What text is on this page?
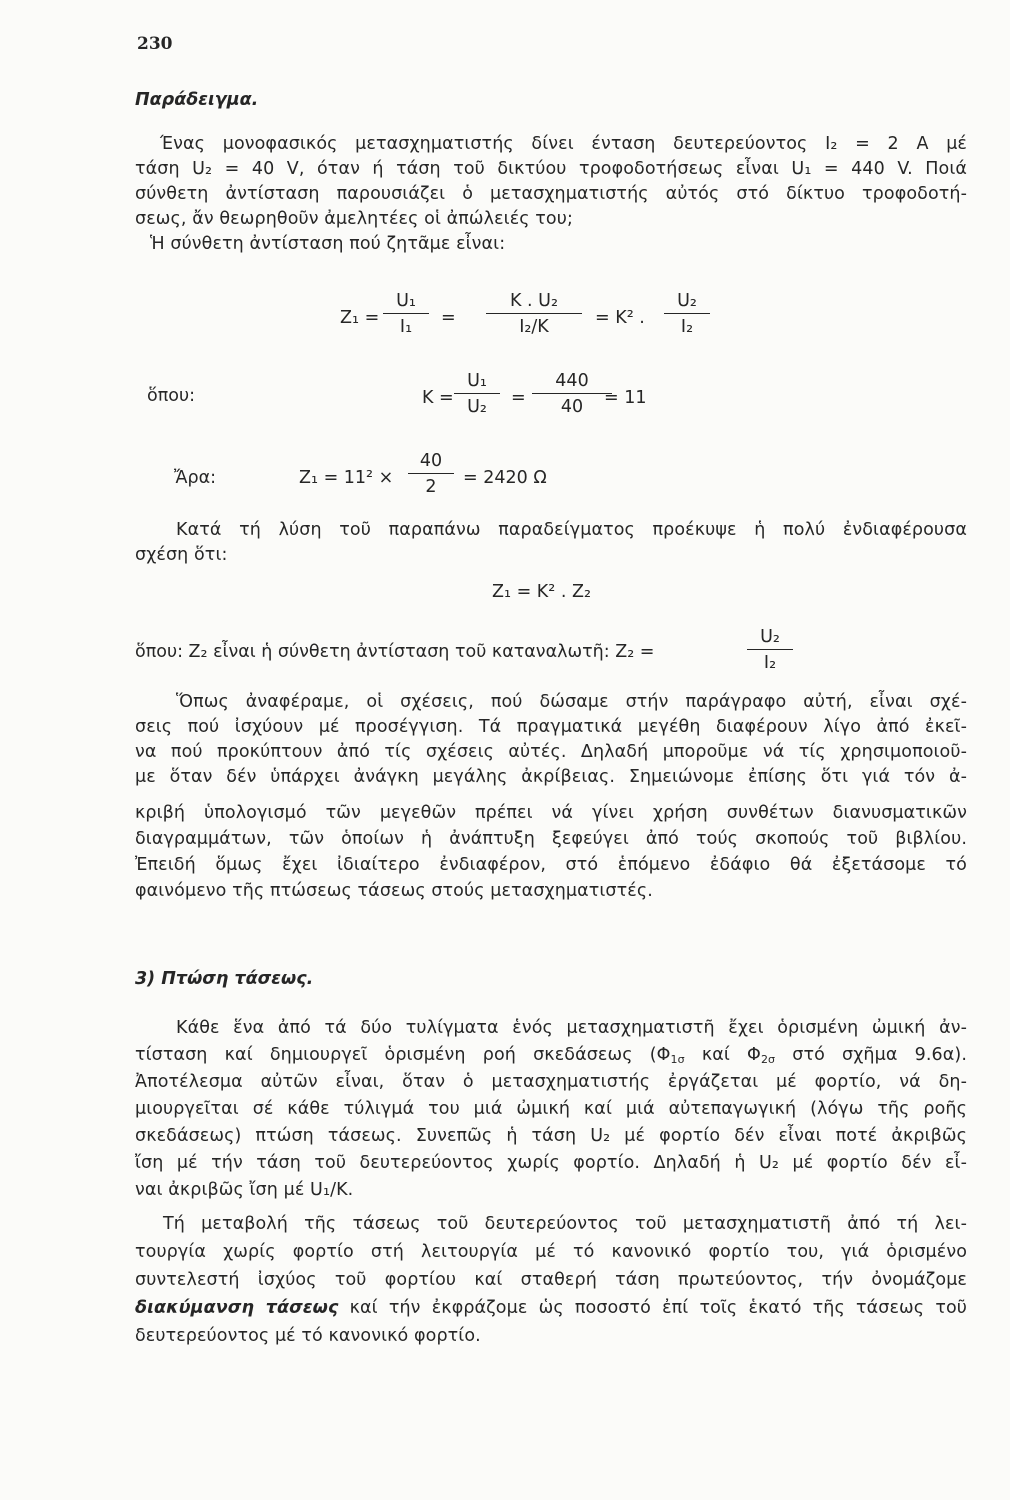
230
Παράδειγμα.
Ένας μονοφασικός μετασχηματιστής δίνει ένταση δευτερεύοντος I₂ = 2 A μέ
τάση U₂ = 40 V, όταν ή τάση τοῦ δικτύου τροφοδοτήσεως εἶναι U₁ = 440 V. Ποιά
σύνθετη ἀντίσταση παρουσιάζει ὁ μετασχηματιστής αὐτός στό δίκτυο τροφοδοτή-
σεως, ἄν θεωρηθοῦν ἀμελητέες οἱ ἀπώλειές του;
Ἡ σύνθετη ἀντίσταση πού ζητᾶμε εἶναι:
$Z_1 = \frac{\text{U₁}}{\text{I₁}} = \frac{\text{K . U₂}}{\text{I₂/K}} = K^2$ . $\frac{\text{U₂}}{\text{I₂}}$
ὅπου:	$K = \frac{\text{U₁}}{\text{U₂}} = \frac{440}{40}$
= 11
Ἄρα:	$Z_1 = 11^2 \times \frac{40}{2} = 2420$ Ω
Κατά τή λύση τοῦ παραπάνω παραδείγματος προέκυψε ἡ πολύ ἐνδιαφέρουσα
σχέση ὅτι:
Z₁ = K² . Z₂
ὅπου: Z₂ εἶναι ἡ σύνθετη ἀντίσταση τοῦ καταναλωτῆ: Z₂ =	$\frac{\text{U₂}}{\text{I₂}}$
Ὅπως ἀναφέραμε, οἱ σχέσεις, πού δώσαμε στήν παράγραφο αὐτή, εἶναι σχέ-
σεις πού ἰσχύουν μέ προσέγγιση. Τά πραγματικά μεγέθη διαφέρουν λίγο ἀπό ἐκεῖ-
να πού προκύπτουν ἀπό τίς σχέσεις αὐτές. Δηλαδή μποροῦμε νά τίς χρησιμοποιοῦ-
με ὅταν δέν ὑπάρχει ἀνάγκη μεγάλης ἀκρίβειας. Σημειώνομε ἐπίσης ὅτι γιά τόν ἀ-
κριβή ὑπολογισμό τῶν μεγεθῶν πρέπει νά γίνει χρήση συνθέτων διανυσματικῶν
διαγραμμάτων, τῶν ὁποίων ἡ ἀνάπτυξη ξεφεύγει ἀπό τούς σκοπούς τοῦ βιβλίου.
Ἐπειδή ὅμως ἔχει ἰδιαίτερο ἐνδιαφέρον, στό ἑπόμενο ἐδάφιο θά ἐξετάσομε τό
φαινόμενο τῆς πτώσεως τάσεως στούς μετασχηματιστές.
3) Πτώση τάσεως.
Κάθε ἕνα ἀπό τά δύο τυλίγματα ἑνός μετασχηματιστῆ ἔχει ὁρισμένη ὠμική ἀν-
τίσταση καί δημιουργεῖ ὁρισμένη ροή σκεδάσεως ($\Phi_{1\sigma}$ καί $\Phi_{2\sigma}$ στό σχῆμα 9.6α).
Ἀποτέλεσμα αὐτῶν εἶναι, ὅταν ὁ μετασχηματιστής ἐργάζεται μέ φορτίο, νά δη-
μιουργεῖται σέ κάθε τύλιγμά του μιά ὠμική καί μιά αὐτεπαγωγική (λόγω τῆς ροῆς
σκεδάσεως) πτώση τάσεως. Συνεπῶς ἡ τάση U₂ μέ φορτίο δέν εἶναι ποτέ ἀκριβῶς
ἴση μέ τήν τάση τοῦ δευτερεύοντος χωρίς φορτίο. Δηλαδή ἡ U₂ μέ φορτίο δέν εἶ-
ναι ἀκριβῶς ἴση μέ U₁/K.
Τή μεταβολή τῆς τάσεως τοῦ δευτερεύοντος τοῦ μετασχηματιστῆ ἀπό τή λει-
τουργία χωρίς φορτίο στή λειτουργία μέ τό κανονικό φορτίο του, γιά ὁρισμένο
συντελεστή ἰσχύος τοῦ φορτίου καί σταθερή τάση πρωτεύοντος, τήν ὀνομάζομε
διακύμανση τάσεως καί τήν ἐκφράζομε ὡς ποσοστό ἐπί τοῖς ἑκατό τῆς τάσεως τοῦ
δευτερεύοντος μέ τό κανονικό φορτίο.
